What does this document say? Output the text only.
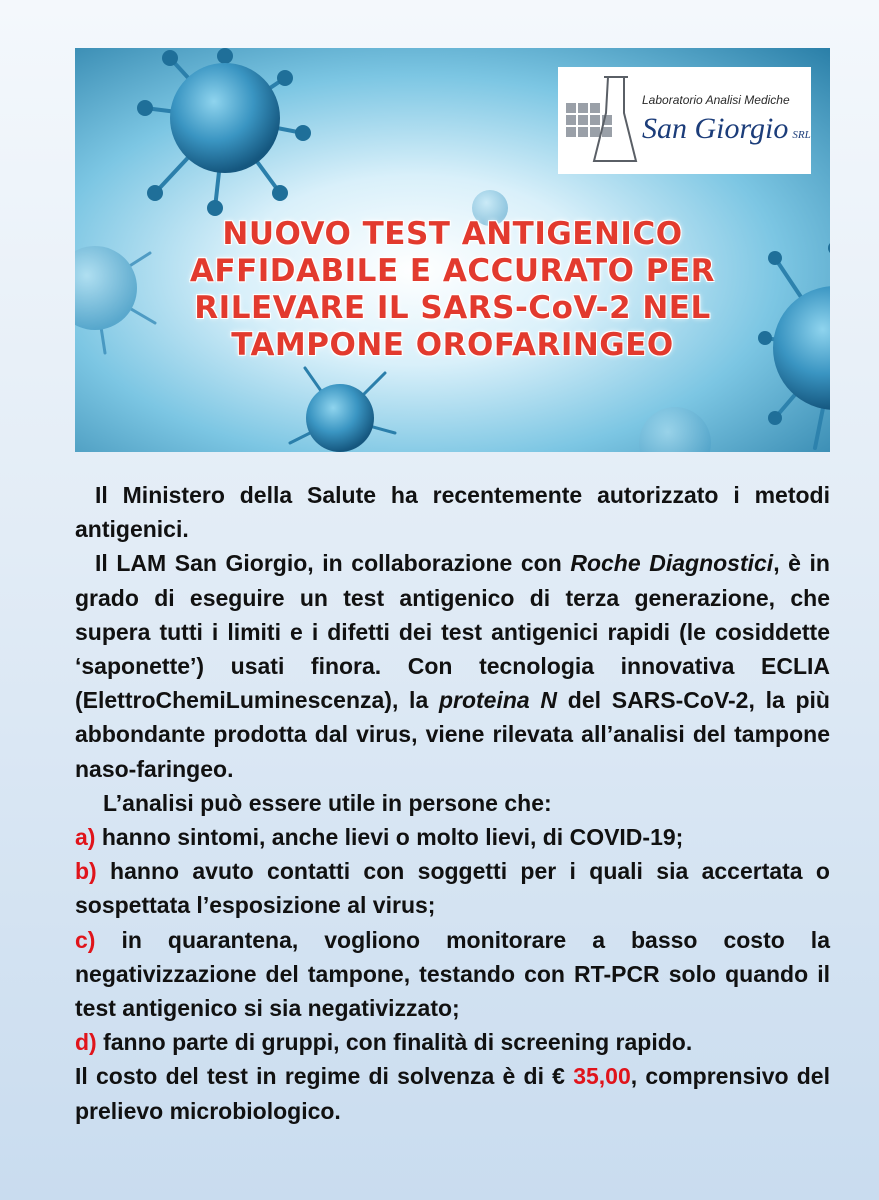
Laboratorio Analisi Mediche
San Giorgio SRL
NUOVO TEST ANTIGENICO
AFFIDABILE E ACCURATO PER
RILEVARE IL SARS-CoV-2 NEL
TAMPONE OROFARINGEO

Il Ministero della Salute ha recentemente autorizzato i metodi antigenici.

Il LAM San Giorgio, in collaborazione con Roche Diagnostici, è in grado di eseguire un test antigenico di terza generazione, che supera tutti i limiti e i difetti dei test antigenici rapidi (le cosiddette ‘saponette’) usati finora. Con tecnologia innovativa ECLIA (ElettroChemiLuminescenza), la proteina N del SARS-CoV-2, la più abbondante prodotta dal virus, viene rilevata all’analisi del tampone naso-faringeo.

L’analisi può essere utile in persone che:

a) hanno sintomi, anche lievi o molto lievi, di COVID-19;

b) hanno avuto contatti con soggetti per i quali sia accertata o sospettata l’esposizione al virus;

c) in quarantena, vogliono monitorare a basso costo la negativizzazione del tampone, testando con RT-PCR solo quando il test antigenico si sia negativizzato;

d) fanno parte di gruppi, con finalità di screening rapido.

Il costo del test in regime di solvenza è di € 35,00, comprensivo del prelievo microbiologico.
